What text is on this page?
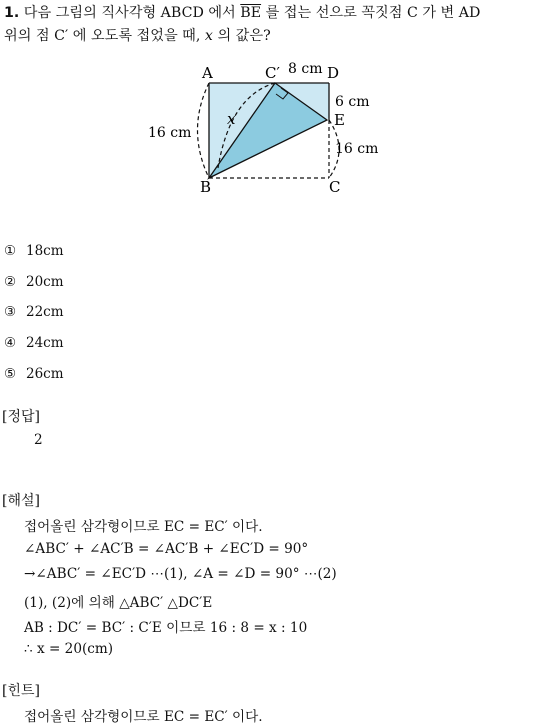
1. 다음 그림의 직사각형 ABCD 에서 $\overline{BE}$ 를 접는 선으로 꼭짓점 C 가 변 AD
위의 점 C′ 에 오도록 접었을 때, x 의 값은?
A	C′ 8 cm D
6 cm
E
16 cm
x
16 cm
B	C
① 18cm
② 20cm
③ 22cm
④ 24cm
⑤ 26cm
[정답]
2
[해설]
접어올린 삼각형이므로 EC = EC′ 이다.
∠ABC′ + ∠AC′B = ∠AC′B + ∠EC′D = 90°
→∠ABC′ = ∠EC′D ⋯(1), ∠A = ∠D = 90° ⋯(2)
(1), (2)에 의해 △ABC′ △DC′E
AB : DC′ = BC′ : C′E 이므로 16 : 8 = x : 10
∴ x = 20(cm)
[힌트]
접어올린 삼각형이므로 EC = EC′ 이다.
